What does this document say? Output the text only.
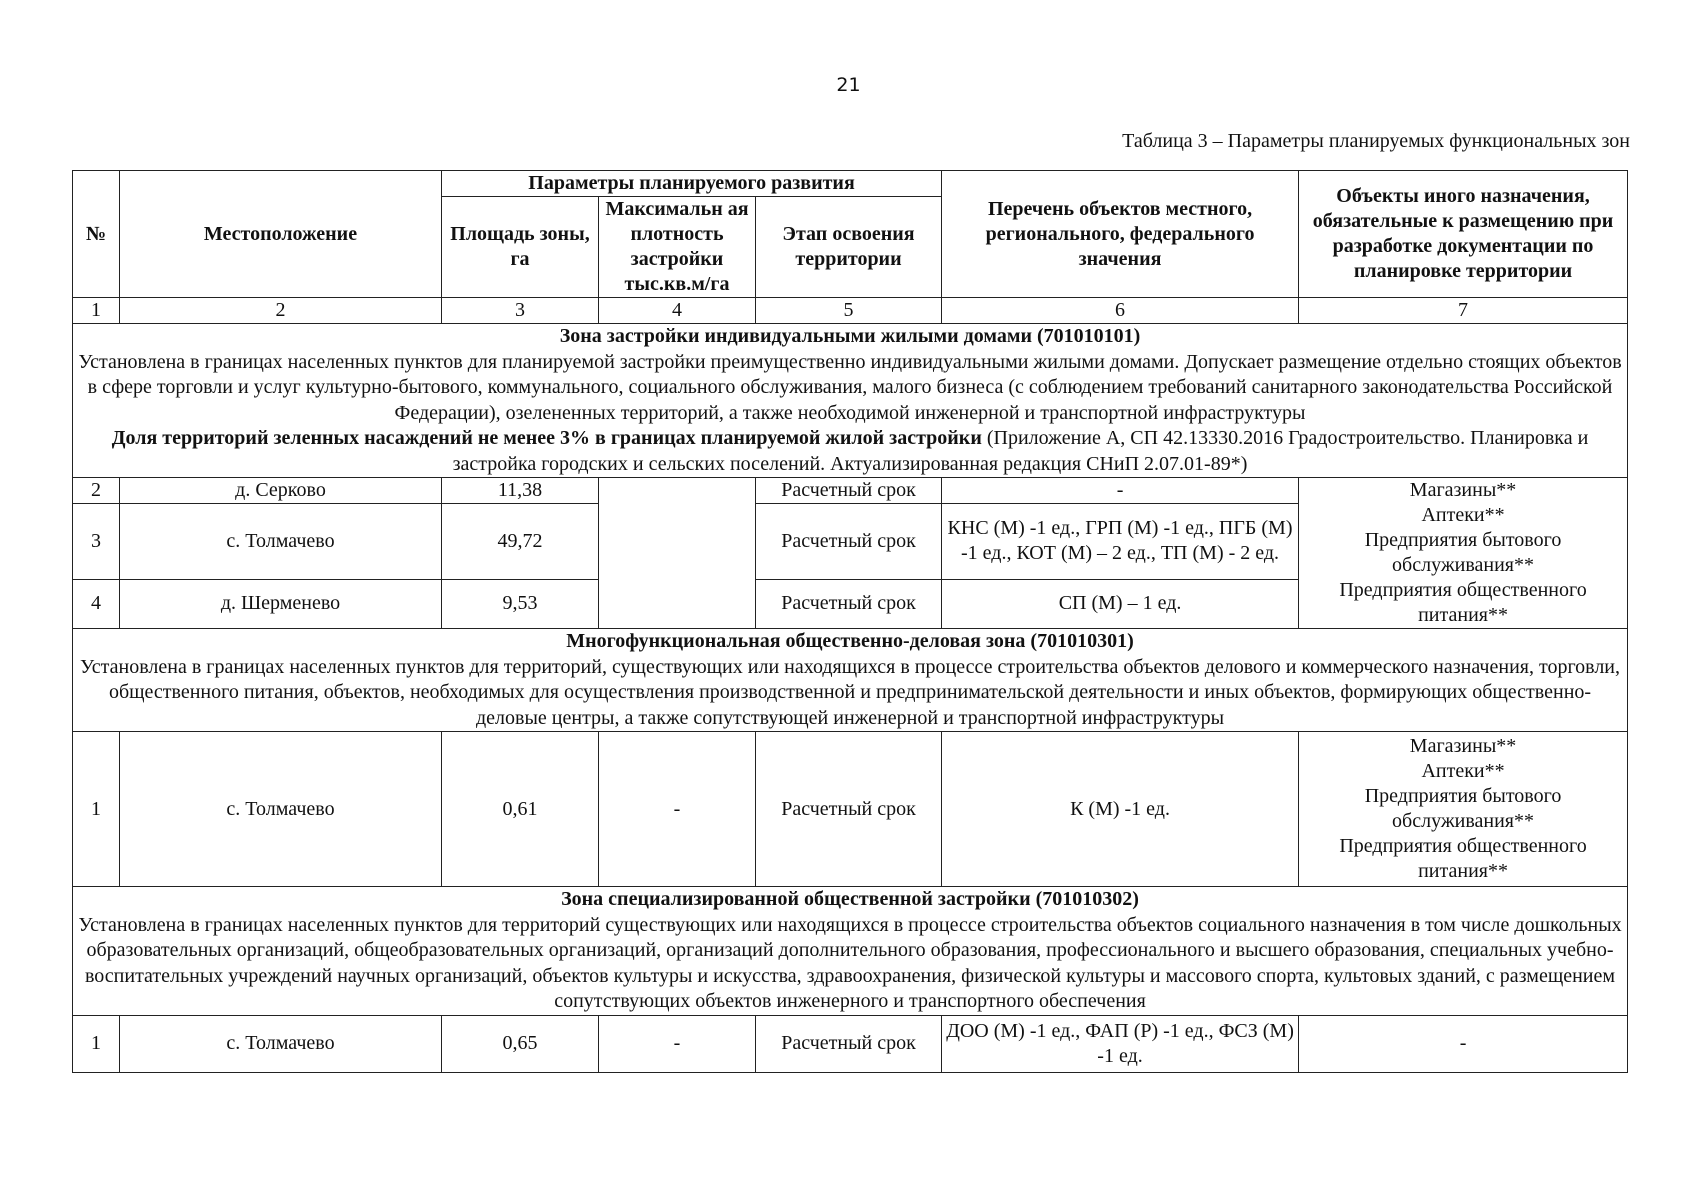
21
Таблица 3 – Параметры планируемых функциональных зон
№	Местоположение	Параметры планируемого развития			Перечень объектов местного, регионального, федерального значения	Объекты иного назначения, обязательные к размещению при разработке документации по планировке территории
		Площадь зоны, га	Максимальн ая плотность застройки тыс.кв.м/га	Этап освоения территории		
1	2	3	4	5	6	7

Зона застройки индивидуальными жилыми домами (701010101)
Установлена в границах населенных пунктов для планируемой застройки преимущественно индивидуальными жилыми домами. Допускает размещение отдельно стоящих объектов в сфере торговли и услуг культурно-бытового, коммунального, социального обслуживания, малого бизнеса (с соблюдением требований санитарного законодательства Российской Федерации), озелененных территорий, а также необходимой инженерной и транспортной инфраструктуры
Доля территорий зеленных насаждений не менее 3% в границах планируемой жилой застройки (Приложение А, СП 42.13330.2016 Градостроительство. Планировка и застройка городских и сельских поселений. Актуализированная редакция СНиП 2.07.01-89*)						

2	д. Серково	11,38		Расчетный срок	-	Магазины**
Аптеки**
Предприятия бытового обслуживания**
Предприятия общественного питания**

3	с. Толмачево	49,72		Расчетный срок	КНС (М) -1 ед., ГРП (М) -1 ед., ПГБ (М) -1 ед., КОТ (М) – 2 ед., ТП (М) - 2 ед.	
4	д. Шерменево	9,53		Расчетный срок	СП (М) – 1 ед.	

Многофункциональная общественно-деловая зона (701010301)
Установлена в границах населенных пунктов для территорий, существующих или находящихся в процессе строительства объектов делового и коммерческого назначения, торговли, общественного питания, объектов, необходимых для осуществления производственной и предпринимательской деятельности и иных объектов, формирующих общественно-деловые центры, а также сопутствующей инженерной и транспортной инфраструктуры						

1	с. Толмачево	0,61	-	Расчетный срок	К (М) -1 ед.	Магазины**
Аптеки**
Предприятия бытового обслуживания**
Предприятия общественного питания**

Зона специализированной общественной застройки (701010302)
Установлена в границах населенных пунктов для территорий существующих или находящихся в процессе строительства объектов социального назначения в том числе дошкольных образовательных организаций, общеобразовательных организаций, организаций дополнительного образования, профессионального и высшего образования, специальных учебно-воспитательных учреждений научных организаций, объектов культуры и искусства, здравоохранения, физической культуры и массового спорта, культовых зданий, с размещением сопутствующих объектов инженерного и транспортного обеспечения						

1	с. Толмачево	0,65	-	Расчетный срок	ДОО (М) -1 ед., ФАП (Р) -1 ед., ФСЗ (М) -1 ед.	-
